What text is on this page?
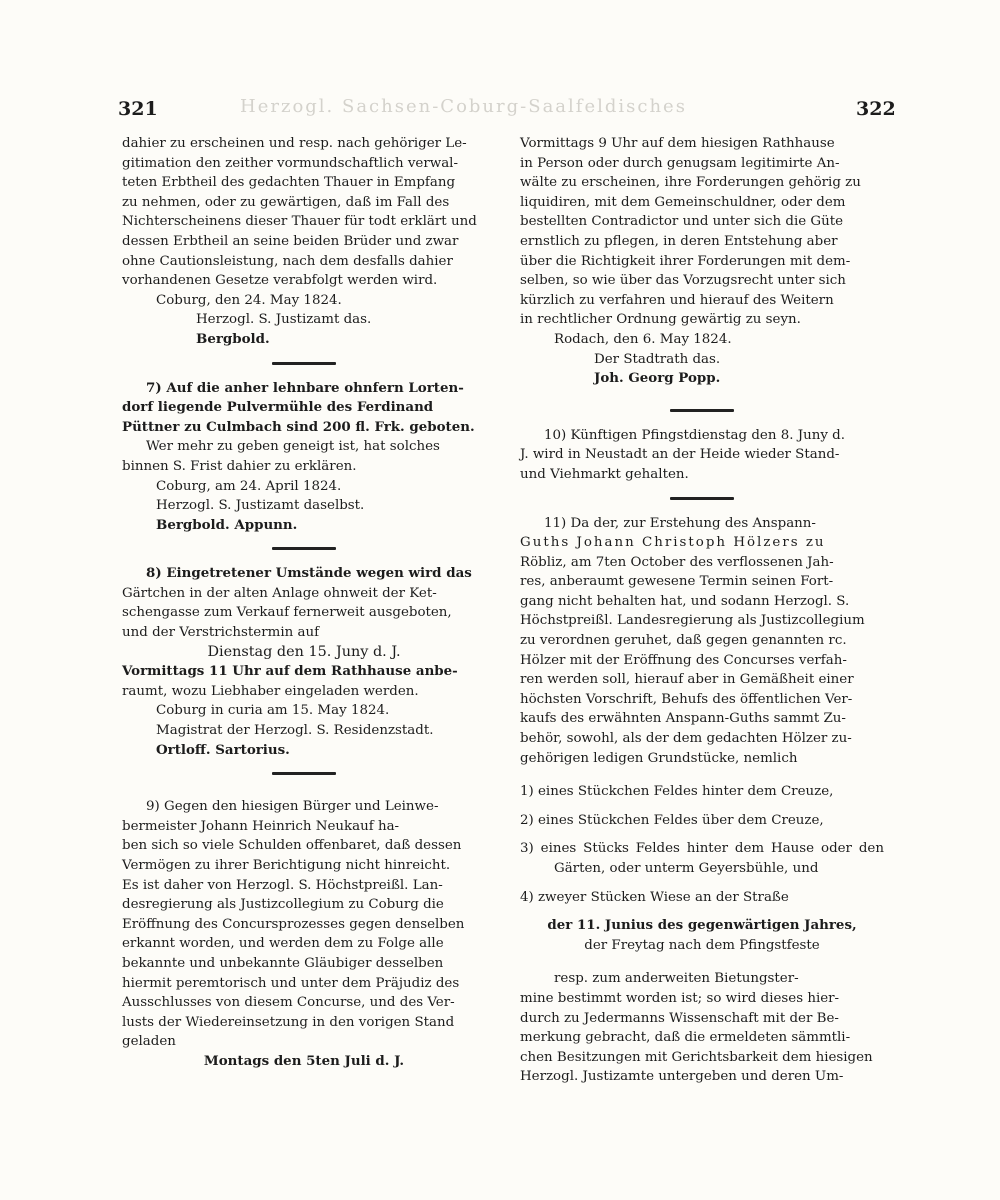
321	Herzogl. Sachsen-Coburg-Saalfeldisches	322

dahier zu erscheinen und resp. nach gehöriger Le-

gitimation den zeither vormundschaftlich verwal-

teten Erbtheil des gedachten Thauer in Empfang

zu nehmen, oder zu gewärtigen, daß im Fall des

Nichterscheinens dieser Thauer für todt erklärt und

dessen Erbtheil an seine beiden Brüder und zwar

ohne Cautionsleistung, nach dem desfalls dahier

vorhandenen Gesetze verabfolgt werden wird.

Coburg, den 24. May 1824.

Herzogl. S. Justizamt das.

Bergbold.

7) Auf die anher lehnbare ohnfern Lorten-

dorf liegende Pulvermühle des Ferdinand

Püttner zu Culmbach sind 200 fl. Frk. geboten.

Wer mehr zu geben geneigt ist, hat solches

binnen S. Frist dahier zu erklären.

Coburg, am 24. April 1824.

Herzogl. S. Justizamt daselbst.

Bergbold. Appunn.

8) Eingetretener Umstände wegen wird das

Gärtchen in der alten Anlage ohnweit der Ket-

schengasse zum Verkauf fernerweit ausgeboten,

und der Verstrichstermin auf

Dienstag den 15. Juny d. J.

Vormittags 11 Uhr auf dem Rathhause anbe-

raumt, wozu Liebhaber eingeladen werden.

Coburg in curia am 15. May 1824.

Magistrat der Herzogl. S. Residenzstadt.

Ortloff. Sartorius.

9) Gegen den hiesigen Bürger und Leinwe-

bermeister Johann Heinrich Neukauf ha-

ben sich so viele Schulden offenbaret, daß dessen

Vermögen zu ihrer Berichtigung nicht hinreicht.

Es ist daher von Herzogl. S. Höchstpreißl. Lan-

desregierung als Justizcollegium zu Coburg die

Eröffnung des Concursprozesses gegen denselben

erkannt worden, und werden dem zu Folge alle

bekannte und unbekannte Gläubiger desselben

hiermit peremtorisch und unter dem Präjudiz des

Ausschlusses von diesem Concurse, und des Ver-

lusts der Wiedereinsetzung in den vorigen Stand

geladen

Montags den 5ten Juli d. J.

Vormittags 9 Uhr auf dem hiesigen Rathhause

in Person oder durch genugsam legitimirte An-

wälte zu erscheinen, ihre Forderungen gehörig zu

liquidiren, mit dem Gemeinschuldner, oder dem

bestellten Contradictor und unter sich die Güte

ernstlich zu pflegen, in deren Entstehung aber

über die Richtigkeit ihrer Forderungen mit dem-

selben, so wie über das Vorzugsrecht unter sich

kürzlich zu verfahren und hierauf des Weitern

in rechtlicher Ordnung gewärtig zu seyn.

Rodach, den 6. May 1824.

Der Stadtrath das.

Joh. Georg Popp.

10) Künftigen Pfingstdienstag den 8. Juny d.

J. wird in Neustadt an der Heide wieder Stand-

und Viehmarkt gehalten.

11) Da der, zur Erstehung des Anspann-

Guths Johann Christoph Hölzers zu

Röbliz, am 7ten October des verflossenen Jah-

res, anberaumt gewesene Termin seinen Fort-

gang nicht behalten hat, und sodann Herzogl. S.

Höchstpreißl. Landesregierung als Justizcollegium

zu verordnen geruhet, daß gegen genannten rc.

Hölzer mit der Eröffnung des Concurses verfah-

ren werden soll, hierauf aber in Gemäßheit einer

höchsten Vorschrift, Behufs des öffentlichen Ver-

kaufs des erwähnten Anspann-Guths sammt Zu-

behör, sowohl, als der dem gedachten Hölzer zu-

gehörigen ledigen Grundstücke, nemlich

1) eines Stückchen Feldes hinter dem Creuze,

2) eines Stückchen Feldes über dem Creuze,

3) eines Stücks Feldes hinter dem Hause oder den Gärten, oder unterm Geyersbühle, und

4) zweyer Stücken Wiese an der Straße

der 11. Junius des gegenwärtigen Jahres,

der Freytag nach dem Pfingstfeste

resp. zum anderweiten Bietungster-

mine bestimmt worden ist; so wird dieses hier-

durch zu Jedermanns Wissenschaft mit der Be-

merkung gebracht, daß die ermeldeten sämmtli-

chen Besitzungen mit Gerichtsbarkeit dem hiesigen

Herzogl. Justizamte untergeben und deren Um-
